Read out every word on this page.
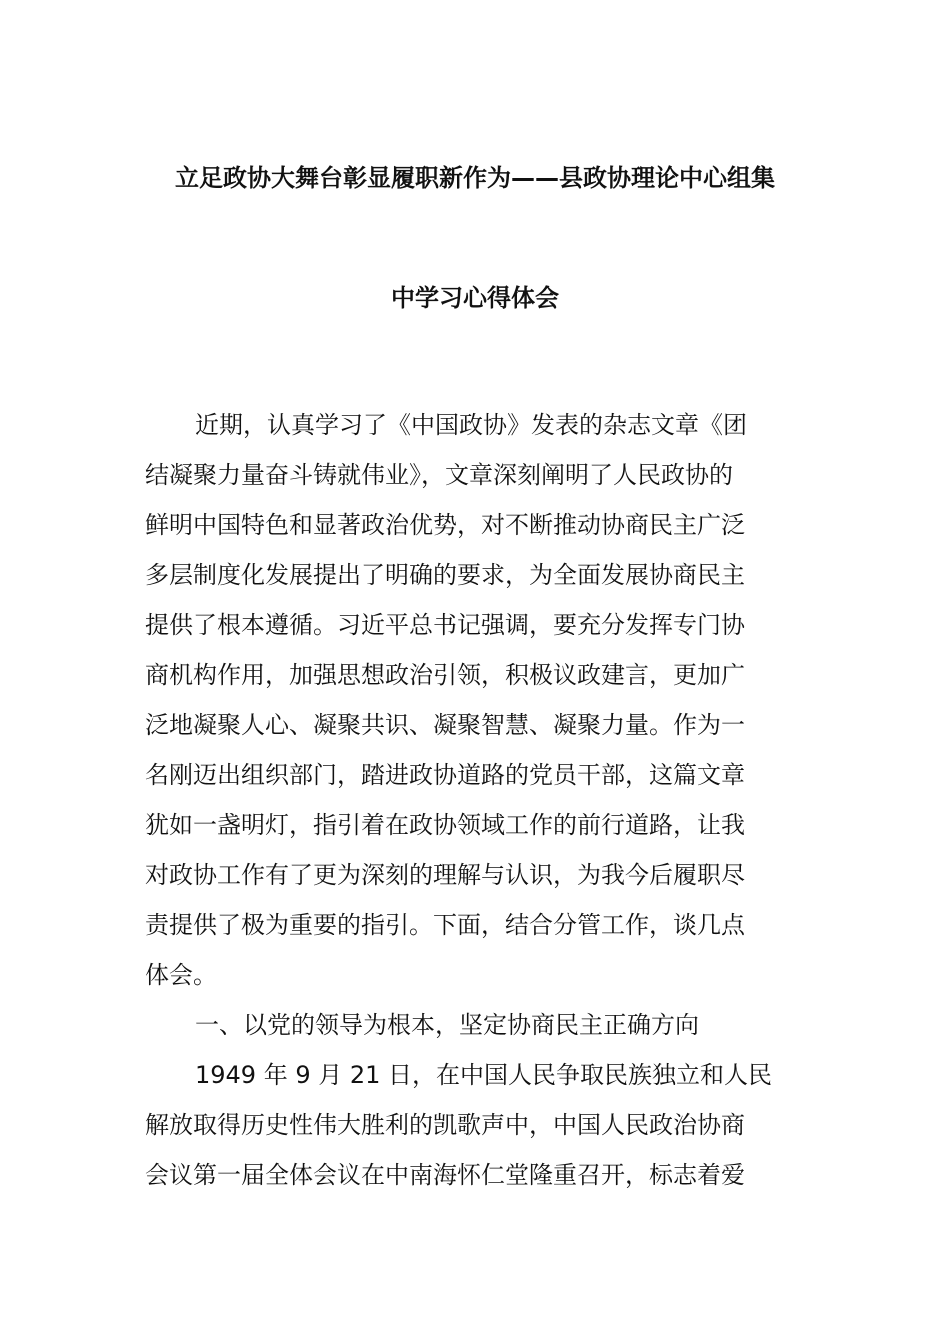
立足政协大舞台彰显履职新作为——县政协理论中心组集
中学习心得体会
近期，认真学习了《中国政协》发表的杂志文章《团
结凝聚力量奋斗铸就伟业》，文章深刻阐明了人民政协的
鲜明中国特色和显著政治优势，对不断推动协商民主广泛
多层制度化发展提出了明确的要求，为全面发展协商民主
提供了根本遵循。习近平总书记强调，要充分发挥专门协
商机构作用，加强思想政治引领，积极议政建言，更加广
泛地凝聚人心、凝聚共识、凝聚智慧、凝聚力量。作为一
名刚迈出组织部门，踏进政协道路的党员干部，这篇文章
犹如一盏明灯，指引着在政协领域工作的前行道路，让我
对政协工作有了更为深刻的理解与认识，为我今后履职尽
责提供了极为重要的指引。下面，结合分管工作，谈几点
体会。
一、以党的领导为根本，坚定协商民主正确方向
1949 年 9 月 21 日，在中国人民争取民族独立和人民
解放取得历史性伟大胜利的凯歌声中，中国人民政治协商
会议第一届全体会议在中南海怀仁堂隆重召开，标志着爱
